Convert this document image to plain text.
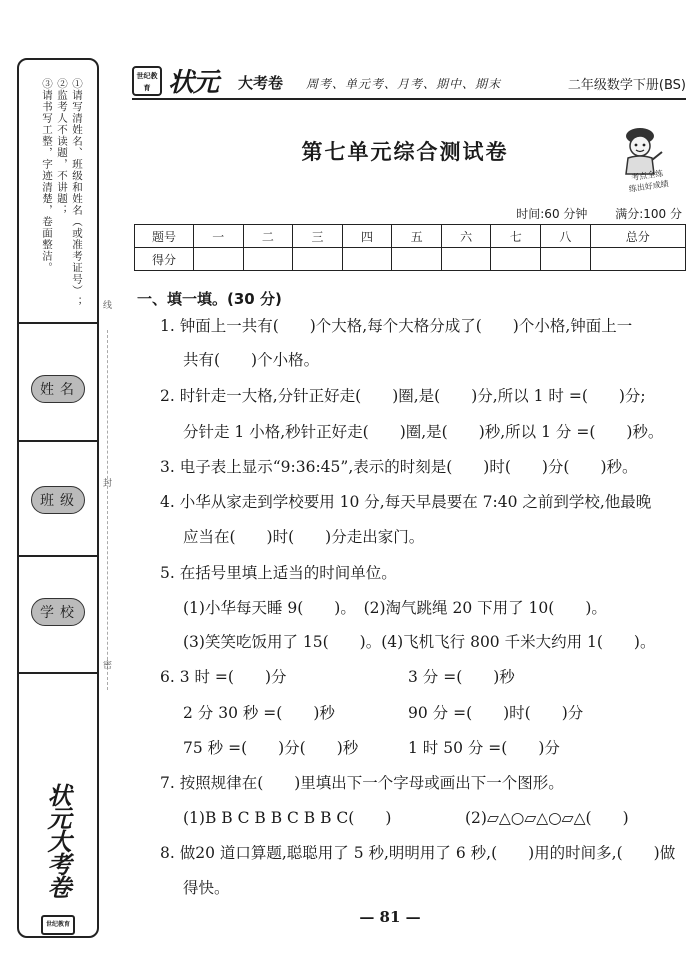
①请写清姓名、班级和姓名（或准考证号）；
②监考人不读题，不讲题；
③请书写工整，字迹清楚，卷面整洁。
姓名
班级
学校
状元大考卷
世纪教育
线
封
密
世纪教育 状元 大考卷 周考、单元考、月考、期中、期末	二年级数学下册(BS)
第七单元综合测试卷
考点全练
练出好成绩
时间:60 分钟 满分:100 分
题号	一	二	三	四	五	六	七	八	总分
得分									
一、填一填。(30 分)
1. 钟面上一共有(　　)个大格,每个大格分成了(　　)个小格,钟面上一
共有(　　)个小格。
2. 时针走一大格,分针正好走(　　)圈,是(　　)分,所以 1 时 =(　　)分;
分针走 1 小格,秒针正好走(　　)圈,是(　　)秒,所以 1 分 =(　　)秒。
3. 电子表上显示“9:36:45”,表示的时刻是(　　)时(　　)分(　　)秒。
4. 小华从家走到学校要用 10 分,每天早晨要在 7:40 之前到学校,他最晚
应当在(　　)时(　　)分走出家门。
5. 在括号里填上适当的时间单位。
(1)小华每天睡 9(　　)。　(2)淘气跳绳 20 下用了 10(　　)。
(3)笑笑吃饭用了 15(　　)。(4)飞机飞行 800 千米大约用 1(　　)。
6. 3 时 =(　　)分	3 分 =(　　)秒
2 分 30 秒 =(　　)秒	90 分 =(　　)时(　　)分
75 秒 =(　　)分(　　)秒	1 时 50 分 =(　　)分
7. 按照规律在(　　)里填出下一个字母或画出下一个图形。
(1)B B C B B C B B C(　　)	(2)▱△○▱△○▱△(　　)
8. 做20 道口算题,聪聪用了 5 秒,明明用了 6 秒,(　　)用的时间多,(　　)做
得快。
— 81 —
